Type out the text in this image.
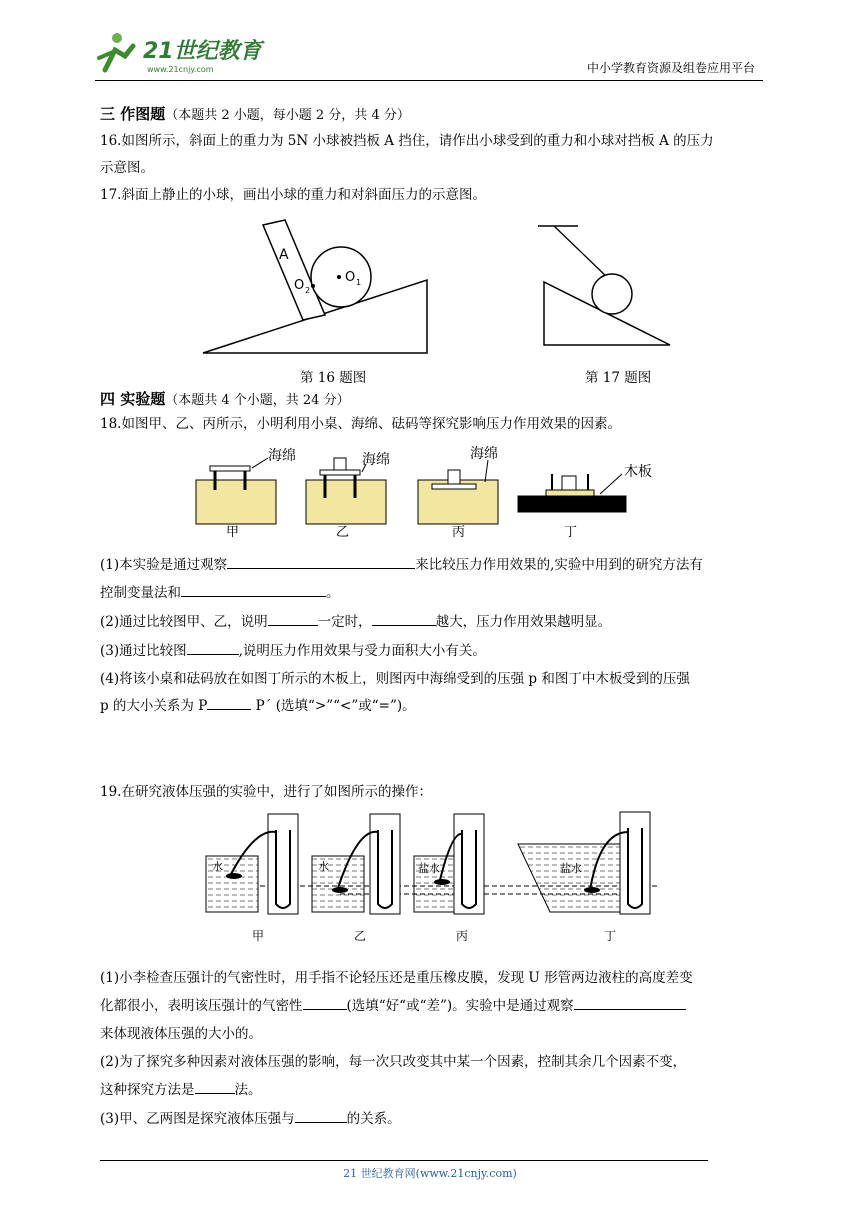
21世纪教育
www.21cnjy.com	中小学教育资源及组卷应用平台
三 作图题（本题共 2 小题，每小题 2 分，共 4 分）
16.如图所示，斜面上的重力为 5N 小球被挡板 A 挡住，请作出小球受到的重力和小球对挡板 A 的压力
示意图。
17.斜面上静止的小球，画出小球的重力和对斜面压力的示意图。
A
O 1
O 2
第 16 题图	第 17 题图
四 实验题（本题共 4 个小题，共 24 分）
18.如图甲、乙、丙所示，小明利用小桌、海绵、砝码等探究影响压力作用效果的因素。
海绵
甲
海绵
乙
海绵
丙
木板
丁
(1)本实验是通过观察	来比较压力作用效果的,实验中用到的研究方法有
控制变量法和	。
(2)通过比较图甲、乙，说明	一定时，	越大，压力作用效果越明显。
(3)通过比较图	,说明压力作用效果与受力面积大小有关。
(4)将该小桌和砝码放在如图丁所示的木板上，则图丙中海绵受到的压强 p 和图丁中木板受到的压强
p 的大小关系为 P	P´ (选填“>”“<”或“=”)。
19.在研究液体压强的实验中，进行了如图所示的操作：
水
甲
水
乙
盐水
丙
盐水
丁
(1)小李检查压强计的气密性时，用手指不论轻压还是重压橡皮膜，发现 U 形管两边液柱的高度差变
化都很小，表明该压强计的气密性	(选填“好“或“差”)。实验中是通过观察
来体现液体压强的大小的。
(2)为了探究多种因素对液体压强的影响，每一次只改变其中某一个因素，控制其余几个因素不变，
这种探究方法是	法。
(3)甲、乙两图是探究液体压强与	的关系。
21 世纪教育网(www.21cnjy.com)
